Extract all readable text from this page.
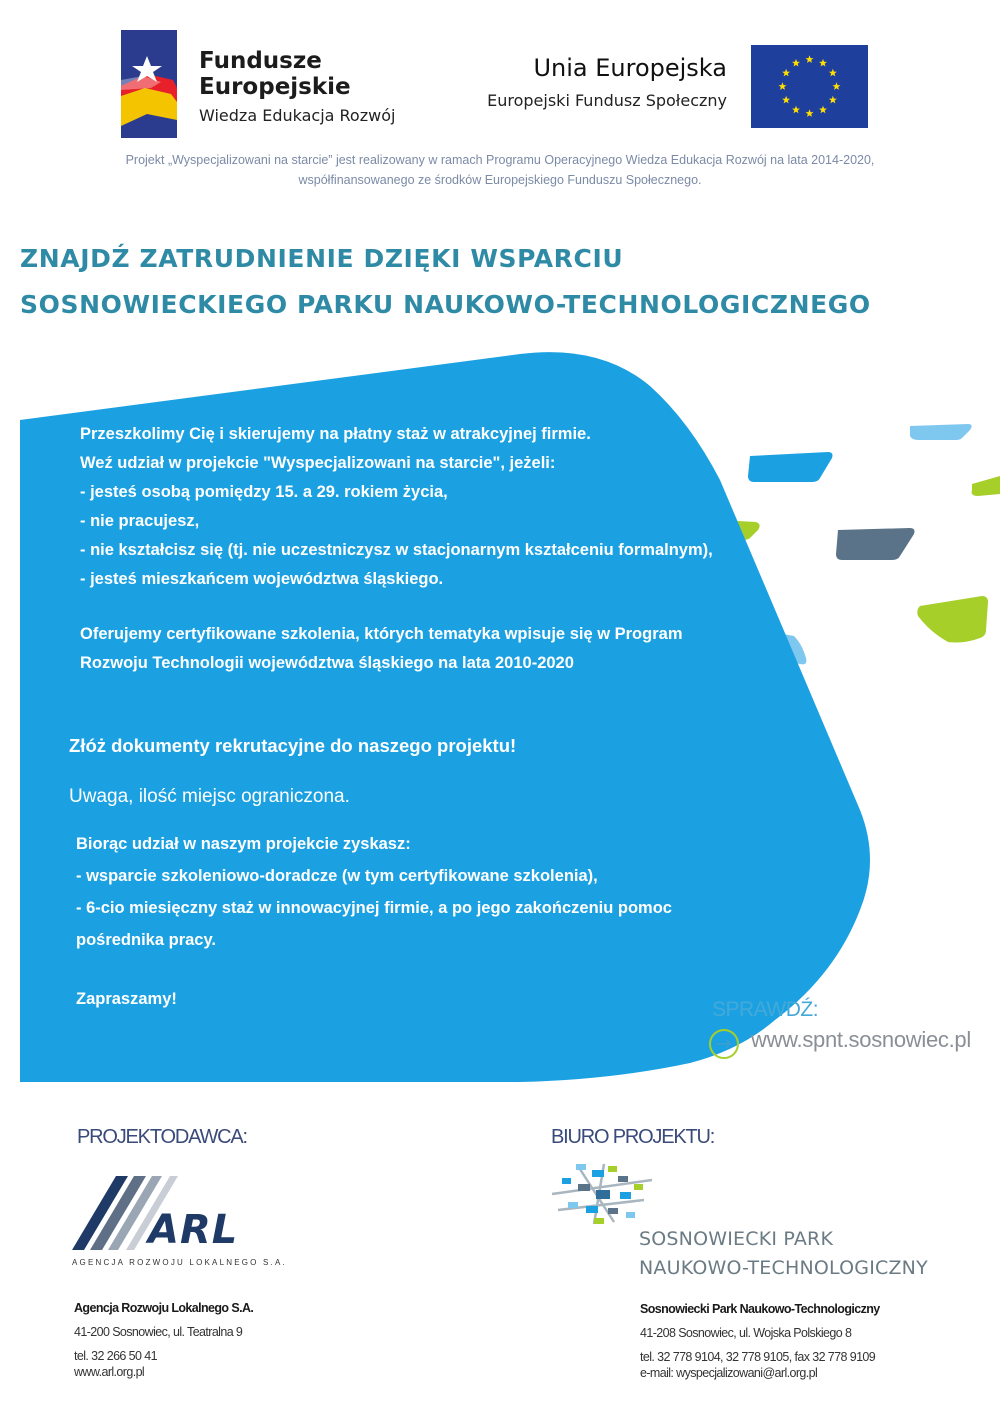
Fundusze
Europejskie
Wiedza Edukacja Rozwój
Unia Europejska
Europejski Fundusz Społeczny
Projekt „Wyspecjalizowani na starcie” jest realizowany w ramach Programu Operacyjnego Wiedza Edukacja Rozwój na lata 2014-2020,
współfinansowanego ze środków Europejskiego Funduszu Społecznego.
ZNAJDŹ ZATRUDNIENIE DZIĘKI WSPARCIU
SOSNOWIECKIEGO PARKU NAUKOWO-TECHNOLOGICZNEGO
Przeszkolimy Cię i skierujemy na płatny staż w atrakcyjnej firmie.
Weź udział w projekcie "Wyspecjalizowani na starcie", jeżeli:
- jesteś osobą pomiędzy 15. a 29. rokiem życia,
- nie pracujesz,
- nie kształcisz się (tj. nie uczestniczysz w stacjonarnym kształceniu formalnym),
- jesteś mieszkańcem województwa śląskiego.
Oferujemy certyfikowane szkolenia, których tematyka wpisuje się w Program
Rozwoju Technologii województwa śląskiego na lata 2010-2020
Złóż dokumenty rekrutacyjne do naszego projektu!
Uwaga, ilość miejsc ograniczona.
Biorąc udział w naszym projekcie zyskasz:
- wsparcie szkoleniowo-doradcze (w tym certyfikowane szkolenia),
- 6-cio miesięczny staż w innowacyjnej firmie, a po jego zakończeniu pomoc
pośrednika pracy.
Zapraszamy!	SPRAWDŹ:
→ www.spnt.sosnowiec.pl
PROJEKTODAWCA:
ARL
AGENCJA ROZWOJU LOKALNEGO S.A.
Agencja Rozwoju Lokalnego S.A.
41-200 Sosnowiec, ul. Teatralna 9
tel. 32 266 50 41
www.arl.org.pl
BIURO PROJEKTU:
SOSNOWIECKI PARK
NAUKOWO-TECHNOLOGICZNY
Sosnowiecki Park Naukowo-Technologiczny
41-208 Sosnowiec, ul. Wojska Polskiego 8
tel. 32 778 9104, 32 778 9105, fax 32 778 9109
e-mail: wyspecjalizowani@arl.org.pl
